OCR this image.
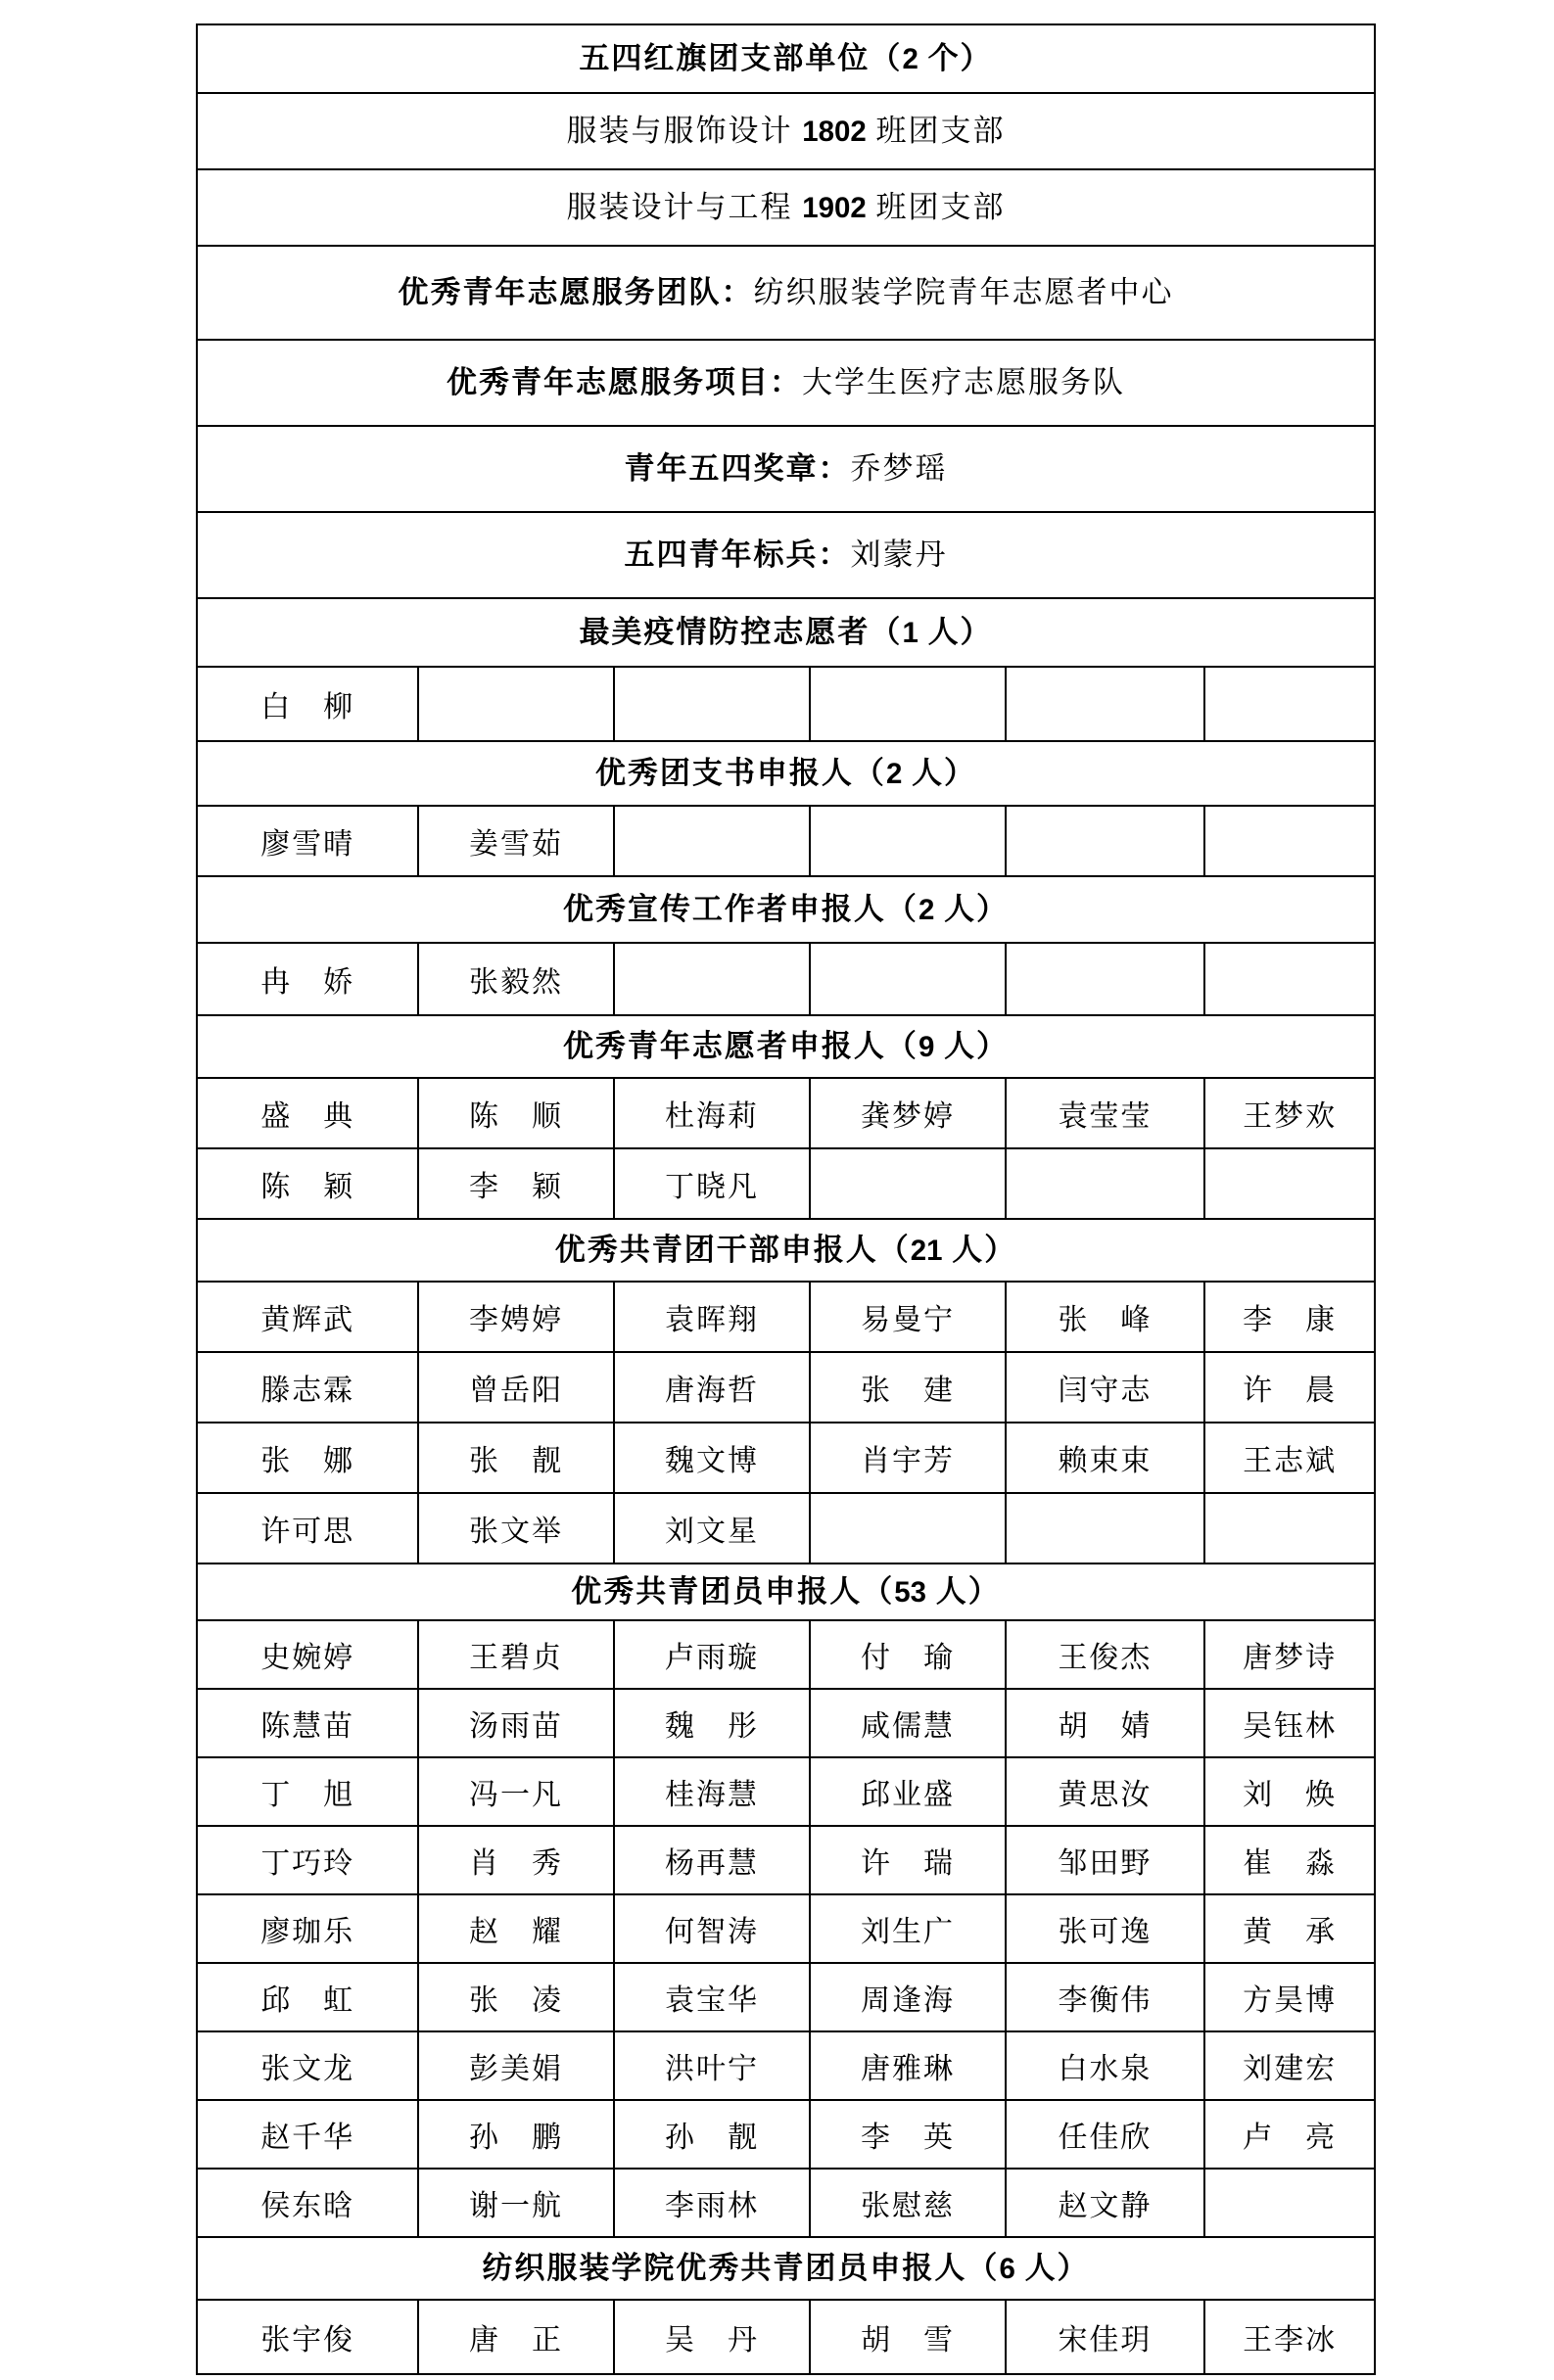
五四红旗团支部单位（2 个）
服装与服饰设计 1802 班团支部
服装设计与工程 1902 班团支部
优秀青年志愿服务团队： 纺织服装学院青年志愿者中心
优秀青年志愿服务项目： 大学生医疗志愿服务队
青年五四奖章： 乔梦瑶
五四青年标兵： 刘蒙丹
最美疫情防控志愿者（1 人）
白　柳
优秀团支书申报人（2 人）
廖雪晴	姜雪茹
优秀宣传工作者申报人（2 人）
冉　娇	张毅然
优秀青年志愿者申报人（9 人）
盛　典	陈　顺	杜海莉	龚梦婷	袁莹莹	王梦欢
陈　颖	李　颖	丁晓凡
优秀共青团干部申报人（21 人）
黄辉武	李娉婷	袁晖翔	易曼宁	张　峰	李　康
滕志霖	曾岳阳	唐海哲	张　建	闫守志	许　晨
张　娜	张　靓	魏文博	肖宇芳	赖束束	王志斌
许可思	张文举	刘文星
优秀共青团员申报人（53 人）
史婉婷	王碧贞	卢雨璇	付　瑜	王俊杰	唐梦诗
陈慧苗	汤雨苗	魏　彤	咸儒慧	胡　婧	吴钰林
丁　旭	冯一凡	桂海慧	邱业盛	黄思汝	刘　焕
丁巧玲	肖　秀	杨再慧	许　瑞	邹田野	崔　淼
廖珈乐	赵　耀	何智涛	刘生广	张可逸	黄　承
邱　虹	张　凌	袁宝华	周逢海	李衡伟	方昊博
张文龙	彭美娟	洪叶宁	唐雅琳	白水泉	刘建宏
赵千华	孙　鹏	孙　靓	李　英	任佳欣	卢　亮
侯东晗	谢一航	李雨林	张慰慈	赵文静
纺织服装学院优秀共青团员申报人（6 人）
张宇俊	唐　正	吴　丹	胡　雪	宋佳玥	王李冰
